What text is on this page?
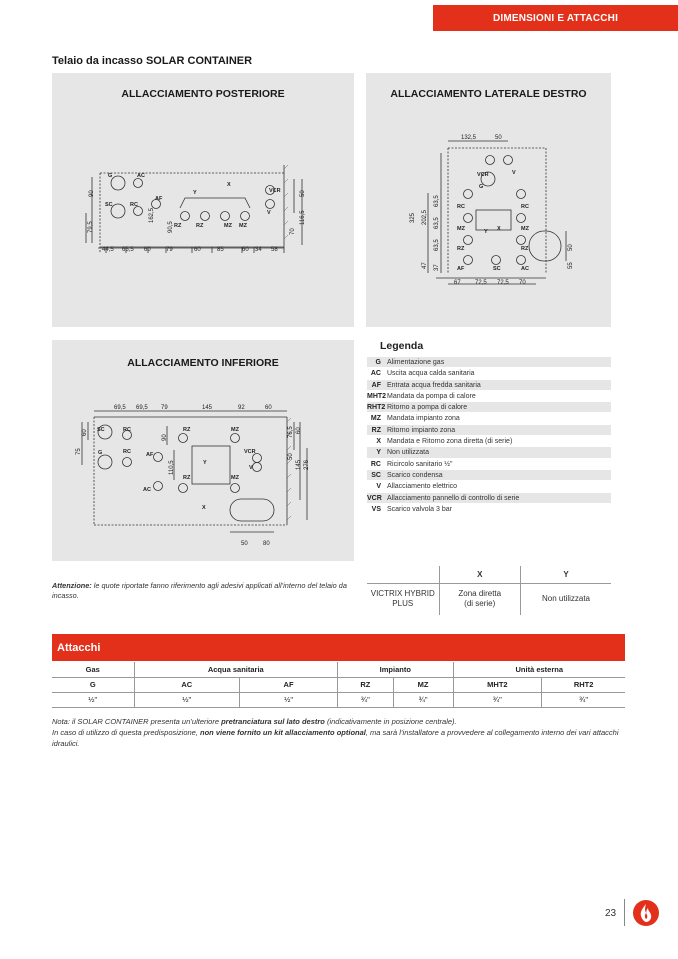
DIMENSIONI E ATTACCHI
Telaio da incasso SOLAR CONTAINER
ALLACCIAMENTO POSTERIORE
G	AC
SC	RC
AF
Y
X
VCR
V
RZ	RZ	MZ MZ
44,5 65,5 60	79	60	85	60 34 58
90
79,5
162,5
90,5
50
116,5
70
ALLACCIAMENTO LATERALE DESTRO
VCR	V
G
RC	RC
MZ	X	MZ
Y
RZ	RZ
AF	SC	AC
132,5	50
67 72,5 72,5 70
325 202,5
63,5
63,5
63,5
47 37
50
55
ALLACCIAMENTO INFERIORE
SC	RC
G	RC	AF
AC
RZ	MZ
Y
VCR
V
RZ	MZ
X
69,5 69,5 79	145	92	60
60
75
90
110,5
76,5 60
50
145 276
50	80
Legenda
G Alimentazione gas
AC Uscita acqua calda sanitaria
AF Entrata acqua fredda sanitaria
MHT2 Mandata da pompa di calore
RHT2 Ritorno a pompa di calore
MZ Mandata impianto zona
RZ Ritorno impianto zona
X Mandata e Ritorno zona diretta (di serie)
Y Non utilizzata
RC Ricircolo sanitario ½"
SC Scarico condensa
V Allacciamento elettrico
VCR Allacciamento pannello di controllo di serie
VS Scarico valvola 3 bar
Attenzione: le quote riportate fanno riferimento agli adesivi applicati all’interno del telaio da incasso.
	X	Y
VICTRIX HYBRID
PLUS	Zona diretta
(di serie)	Non utilizzata
Attacchi
Gas	Acqua sanitaria		Impianto		Unità esterna	
G	AC	AF	RZ	MZ	MHT2	RHT2
½"	½"	½"	¾"	¾"	¾"	¾"
Nota: il SOLAR CONTAINER presenta un’ulteriore pretranciatura sul lato destro (indicativamente in posizione centrale).
In caso di utilizzo di questa predisposizione, non viene fornito un kit allacciamento optional, ma sarà l’installatore a provvedere al collegamento interno dei vari attacchi idraulici.
23
